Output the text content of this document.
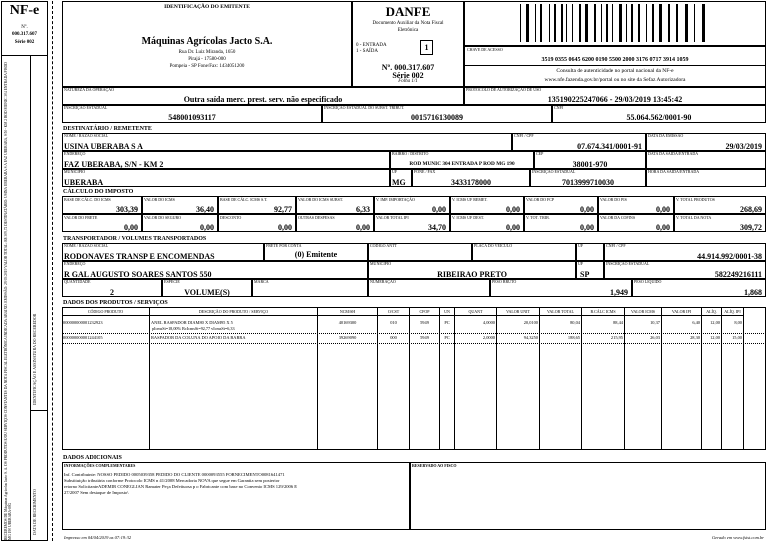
NF-e
Nº.
000.317.607
Série 002
RECEBEMOS DE Máquinas Agrícolas Jacto S. A. OS PRODUTOS E/OU SERVIÇOS CONSTANTES DA NOTA FISCAL ELETRÔNICA INDICADA ABAIXO. EMISSÃO: 29/03/2019 VALOR TOTAL: R$ 309,72 DESTINATÁRIO: USINA UBERABA S A FAZ UBERABA, S/N - KM 2 ROD MUNIC 304 ENTRADA P ROD MG 190 UBERABA-MG	DATA DE RECEBIMENTO
IDENTIFICAÇÃO E ASSINATURA DO RECEBEDOR
IDENTIFICAÇÃO DO EMITENTE
Máquinas Agrícolas Jacto S.A.
Rua Dr. Luiz Miranda, 1650
Pirajá - 17580-000
Pompeia - SP Fone/Fax: 1434051200
DANFE
Documento Auxiliar da Nota Fiscal
Eletrônica
0 - ENTRADA
1 - SAÍDA	1
Nº. 000.317.607
Série 002
Folha 1/1
CHAVE DE ACESSO
3519 0355 0645 6200 0190 5500 2000 3176 0717 3914 1059
Consulta de autenticidade no portal nacional da NF-e
www.nfe.fazenda.gov.br/portal ou no site da Sefaz Autorizadora
NATUREZA DA OPERAÇÃO
Outra saída merc. prest. serv. não especificado
PROTOCOLO DE AUTORIZAÇÃO DE USO
135190225247066 - 29/03/2019 13:45:42
INSCRIÇÃO ESTADUAL
548001093117
INSCRIÇÃO ESTADUAL DO SUBST. TRIBUT.
0015716130089
CNPJ
55.064.562/0001-90
DESTINATÁRIO / REMETENTE
NOME / RAZÃO SOCIAL
USINA UBERABA S A
CNPJ / CPF
07.674.341/0001-91
DATA DA EMISSÃO
29/03/2019
ENDEREÇO
FAZ UBERABA, S/N - KM 2
BAIRRO / DISTRITO
ROD MUNIC 304 ENTRADA P ROD MG 190
CEP
38001-970
DATA DA SAÍDA/ENTRADA
MUNICÍPIO
UBERABA
UF
MG
FONE / FAX
3433178000
INSCRIÇÃO ESTADUAL
7013999710030
HORA DA SAÍDA/ENTRADA
CÁLCULO DO IMPOSTO
BASE DE CÁLC. DO ICMS
303,39
VALOR DO ICMS
36,40
BASE DE CÁLC. ICMS S.T.
92,77
VALOR DO ICMS SUBST.
6,33
V. IMP. IMPORTAÇÃO
0,00
V. ICMS UF REMET.
0,00
VALOR DO FCP
0,00
VALOR DO PIS
0,00
V. TOTAL PRODUTOS
268,69
VALOR DO FRETE
0,00
VALOR DO SEGURO
0,00
DESCONTO
0,00
OUTRAS DESPESAS
0,00
VALOR TOTAL IPI
34,70
V. ICMS UF DEST.
0,00
V. TOT. TRIB.
0,00
VALOR DA COFINS
0,00
V. TOTAL DA NOTA
309,72
TRANSPORTADOR / VOLUMES TRANSPORTADOS
NOME / RAZÃO SOCIAL
RODONAVES TRANSP E ENCOMENDAS
FRETE POR CONTA
(0) Emitente
CÓDIGO ANTT	PLACA DO VEÍCULO	UF	CNPJ / CPF
44.914.992/0001-38
ENDEREÇO
R GAL AUGUSTO SOARES SANTOS 550
MUNICÍPIO
RIBEIRAO PRETO
UF
SP
INSCRIÇÃO ESTADUAL
582249216111
QUANTIDADE
2
ESPÉCIE
VOLUME(S)
MARCA	NUMERAÇÃO	PESO BRUTO
1,949
PESO LÍQUIDO
1,868
DADOS DOS PRODUTOS / SERVIÇOS
CÓDIGO PRODUTO	DESCRIÇÃO DO PRODUTO / SERVIÇO	NCM/SH	O/CST	CFOP	UN	QUANT	VALOR UNIT	VALOR TOTAL	B.CÁLC ICMS	VALOR ICMS	VALOR IPI	ALÍQ.	ALÍQ. IPI
000000000001232923	ANEL RASPADOR DIAM80 X DIAM95 X 5	40169300	010	5949	PC	4,0000	20,0100	80,04	88,44	10,37	6,40	12,00	8,00
000000000001244105	RASPADOR DA COLUNA DO APOIO DA BARRA	39269090	000	5949	PC	2,0000	94,3250	188,65	215,95	26,03	28,30	12,00	15,00
pIcmsSt=18,00% BcIcmsSt=92,77 vIcmsSt=6,33
DADOS ADICIONAIS
INFORMAÇÕES COMPLEMENTARES
Inf. Contribuinte: NOSSO PEDIDO 0005039358 PEDIDO DO CLIENTE 0000093555 FORNECIMENTO0081641471
Substituição tributária conforme Protocolo ICMS n 41/2008 Mercadoria NOVA que segue em Garantia sem posterior
retorno SolicitanteADEMIR CONEGLIAN Ramater Peça Defeituosa p o Fabricante com base no Convenio ICMS 129/2006 E
27/2007 Sem destaque de Imposto\
RESERVADO AO FISCO
Impresso em 04/04/2019 as 07:19:32	Gerado em www.fsist.com.br
